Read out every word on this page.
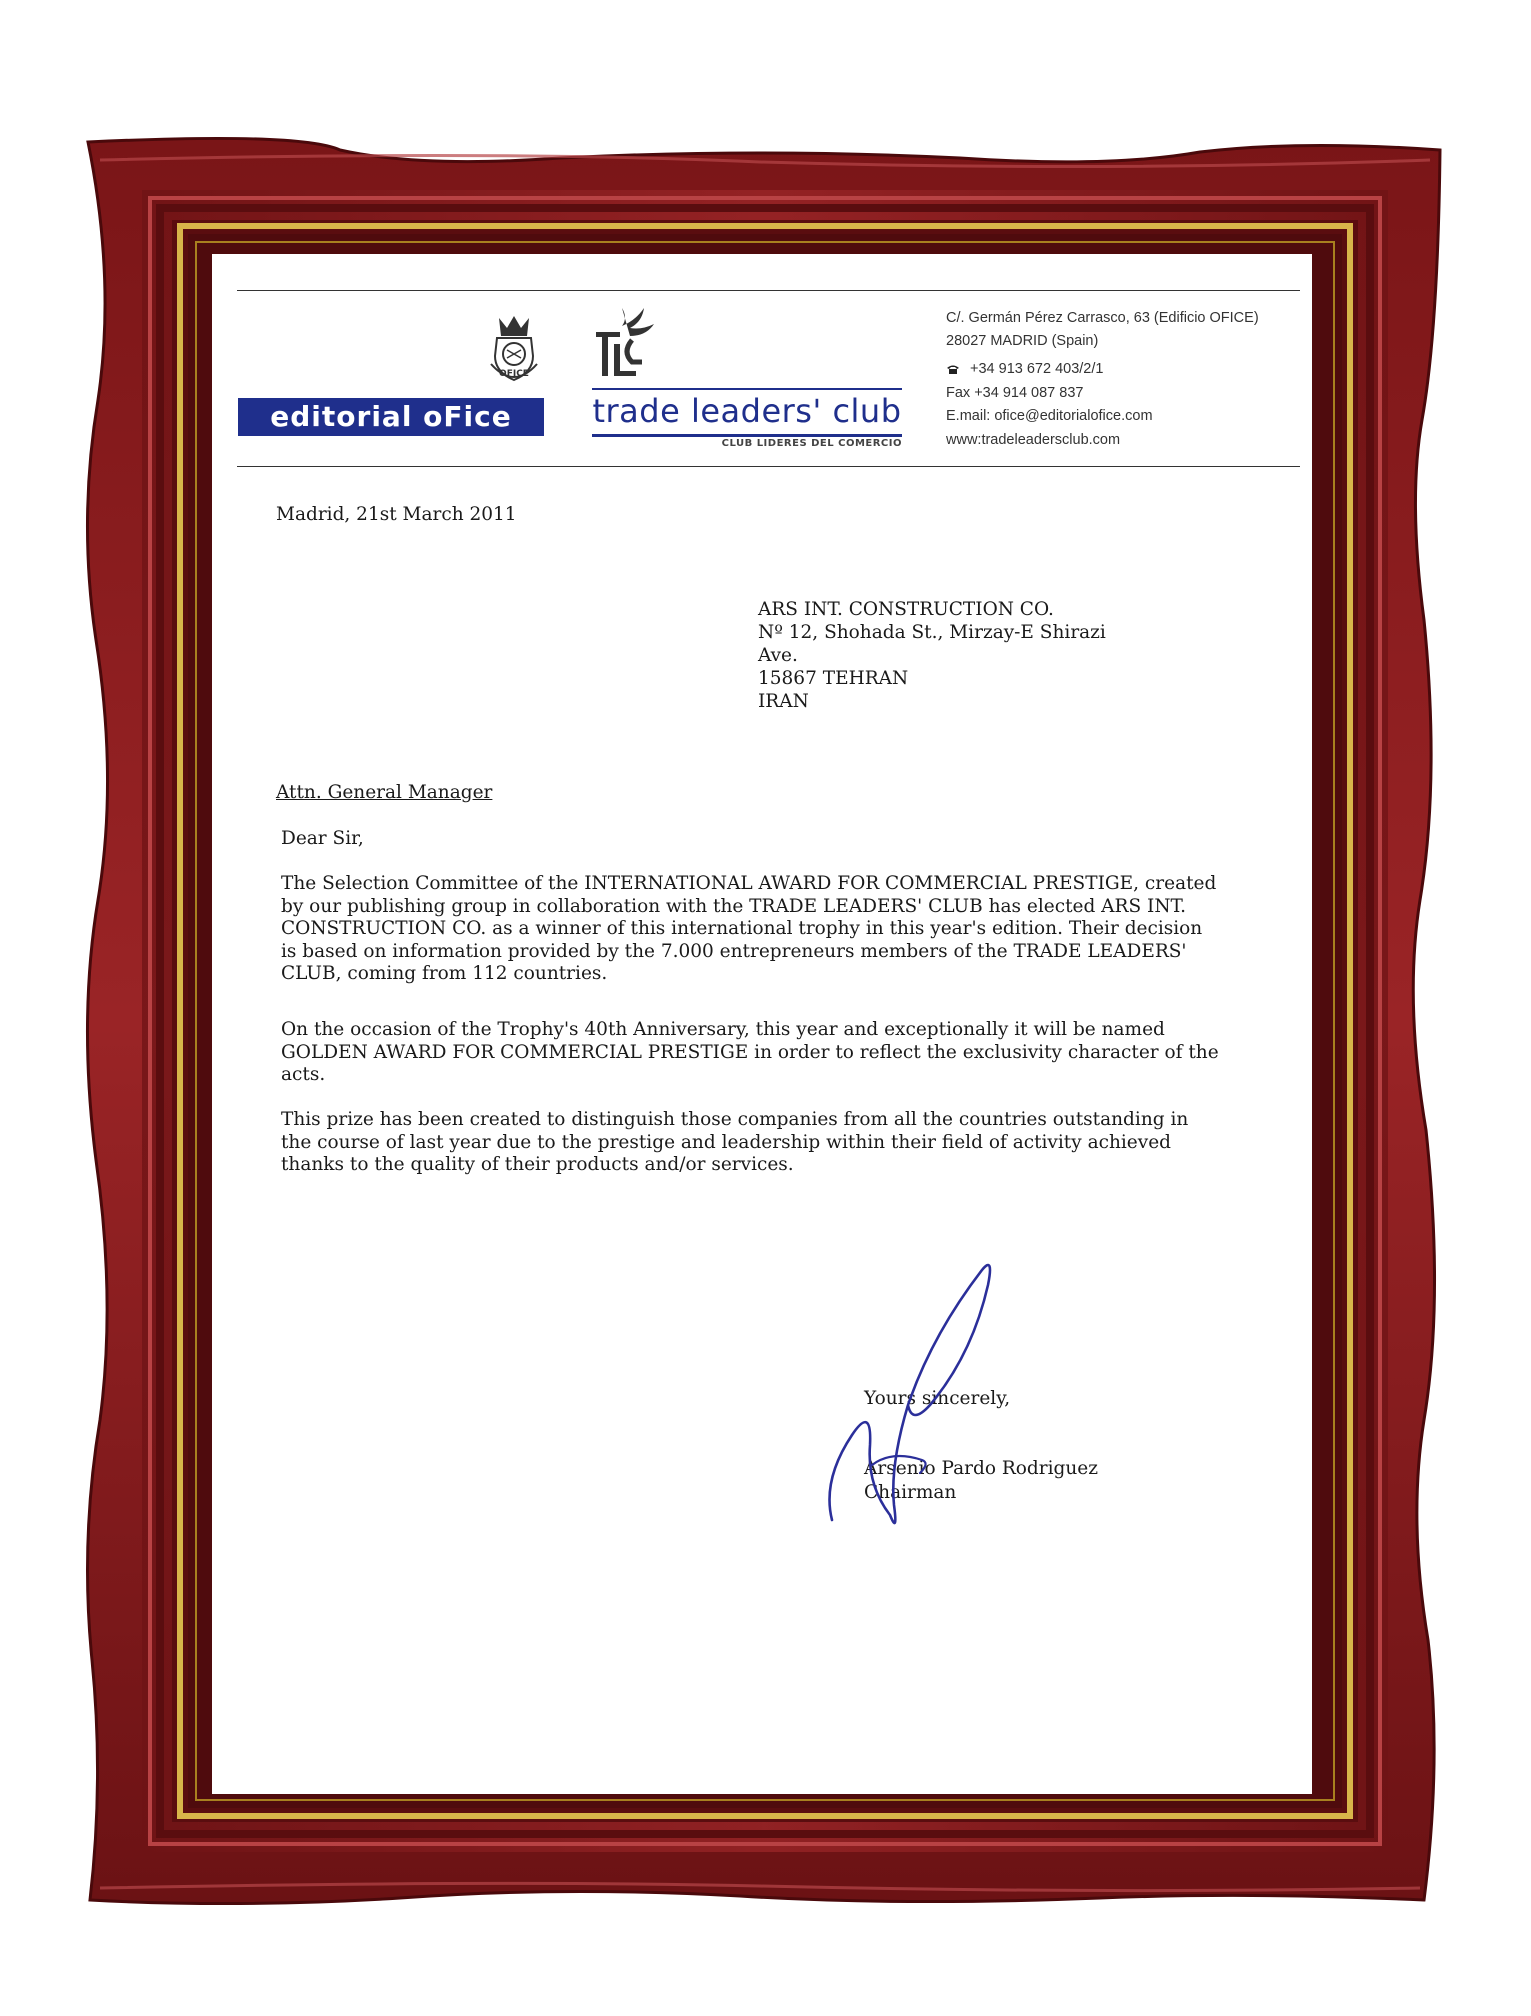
OFICE
editorial oFice	trade leaders' club
CLUB LIDERES DEL COMERCIO
C/. Germán Pérez Carrasco, 63 (Edificio OFICE)
28027 MADRID (Spain)
+34 913 672 403/2/1
Fax +34 914 087 837
E.mail: ofice@editorialofice.com
www:tradeleadersclub.com
Madrid, 21st March 2011
ARS INT. CONSTRUCTION CO.
Nº 12, Shohada St., Mirzay-E Shirazi
Ave.
15867 TEHRAN
IRAN
Attn. General Manager
Dear Sir,
The Selection Committee of the INTERNATIONAL AWARD FOR COMMERCIAL PRESTIGE, created by our publishing group in collaboration with the TRADE LEADERS' CLUB has elected ARS INT. CONSTRUCTION CO. as a winner of this international trophy in this year's edition. Their decision is based on information provided by the 7.000 entrepreneurs members of the TRADE LEADERS' CLUB, coming from 112 countries.
On the occasion of the Trophy's 40th Anniversary, this year and exceptionally it will be named GOLDEN AWARD FOR COMMERCIAL PRESTIGE in order to reflect the exclusivity character of the acts.
This prize has been created to distinguish those companies from all the countries outstanding in the course of last year due to the prestige and leadership within their field of activity achieved thanks to the quality of their products and/or services.
Yours sincerely,
Arsenio Pardo Rodriguez
Chairman
